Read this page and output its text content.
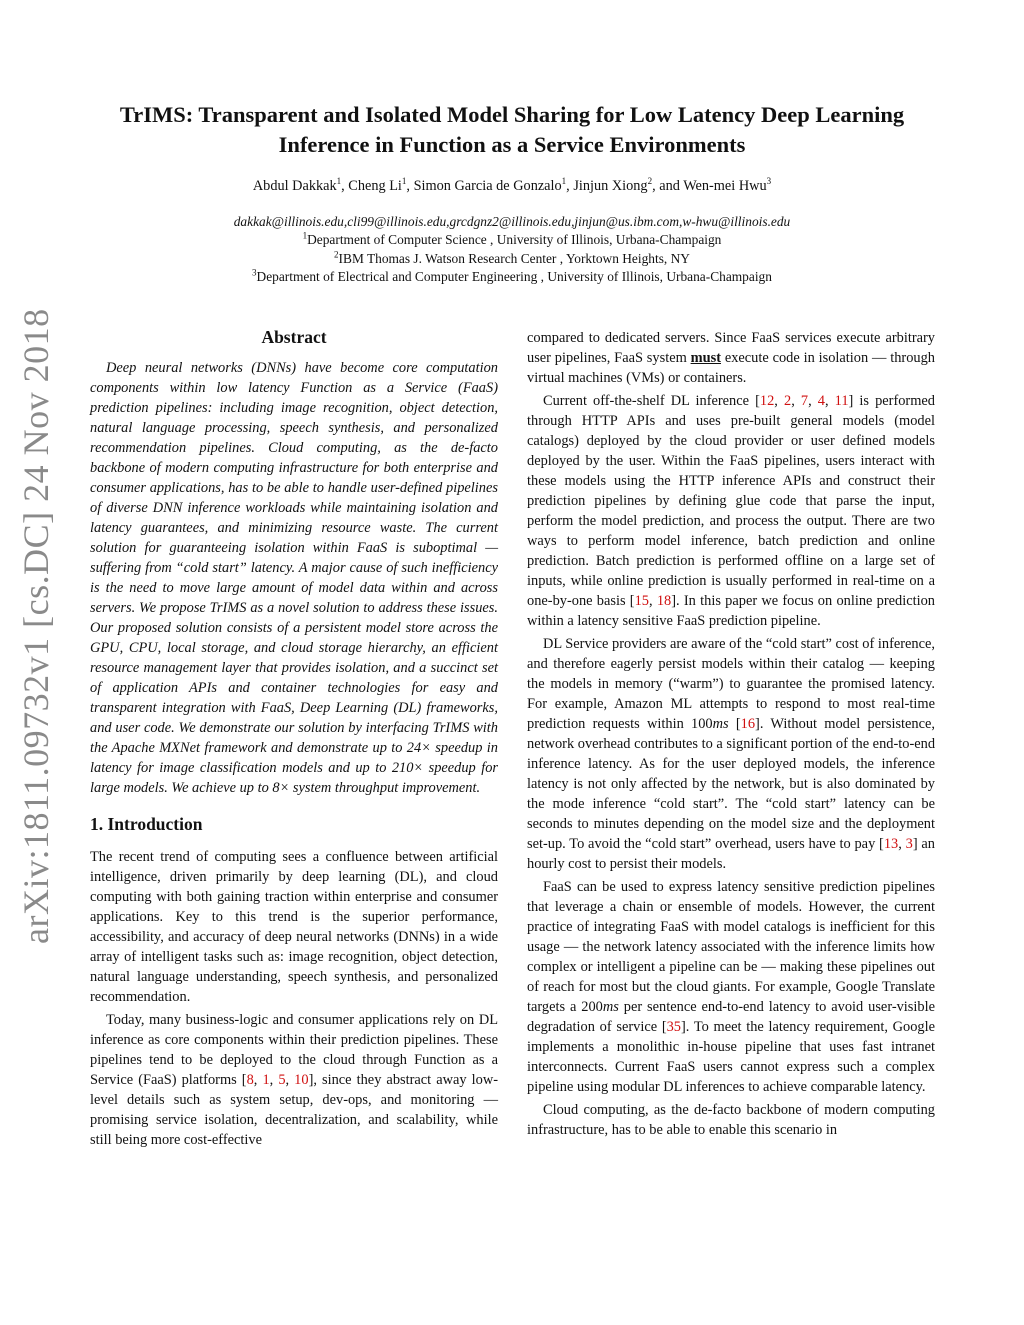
arXiv:1811.09732v1 [cs.DC] 24 Nov 2018
TrIMS: Transparent and Isolated Model Sharing for Low Latency Deep Learning
Inference in Function as a Service Environments
Abdul Dakkak$^1$, Cheng Li$^1$, Simon Garcia de Gonzalo$^1$, Jinjun Xiong$^2$, and Wen-mei Hwu$^3$
dakkak@illinois.edu,cli99@illinois.edu,grcdgnz2@illinois.edu,jinjun@us.ibm.com,w-hwu@illinois.edu
$^1$Department of Computer Science , University of Illinois, Urbana-Champaign
$^2$IBM Thomas J. Watson Research Center , Yorktown Heights, NY
$^3$Department of Electrical and Computer Engineering , University of Illinois, Urbana-Champaign
Abstract

Deep neural networks (DNNs) have become core computation components within low latency Function as a Service (FaaS) prediction pipelines: including image recognition, object detection, natural language processing, speech synthesis, and personalized recommendation pipelines. Cloud computing, as the de-facto backbone of modern computing infrastructure for both enterprise and consumer applications, has to be able to handle user-defined pipelines of diverse DNN inference workloads while maintaining isolation and latency guarantees, and minimizing resource waste. The current solution for guaranteeing isolation within FaaS is suboptimal — suffering from “cold start” latency. A major cause of such inefficiency is the need to move large amount of model data within and across servers. We propose TrIMS as a novel solution to address these issues. Our proposed solution consists of a persistent model store across the GPU, CPU, local storage, and cloud storage hierarchy, an efficient resource management layer that provides isolation, and a succinct set of application APIs and container technologies for easy and transparent integration with FaaS, Deep Learning (DL) frameworks, and user code. We demonstrate our solution by interfacing TrIMS with the Apache MXNet framework and demonstrate up to 24× speedup in latency for image classification models and up to 210× speedup for large models. We achieve up to 8× system throughput improvement.

1. Introduction

The recent trend of computing sees a confluence between artificial intelligence, driven primarily by deep learning (DL), and cloud computing with both gaining traction within enterprise and consumer applications. Key to this trend is the superior performance, accessibility, and accuracy of deep neural networks (DNNs) in a wide array of intelligent tasks such as: image recognition, object detection, natural language understanding, speech synthesis, and personalized recommendation.

Today, many business-logic and consumer applications rely on DL inference as core components within their prediction pipelines. These pipelines tend to be deployed to the cloud through Function as a Service (FaaS) platforms [8, 1, 5, 10], since they abstract away low-level details such as system setup, dev-ops, and monitoring — promising service isolation, decentralization, and scalability, while still being more cost-effective

compared to dedicated servers. Since FaaS services execute arbitrary user pipelines, FaaS system must execute code in isolation — through virtual machines (VMs) or containers.

Current off-the-shelf DL inference [12, 2, 7, 4, 11] is performed through HTTP APIs and uses pre-built general models (model catalogs) deployed by the cloud provider or user defined models deployed by the user. Within the FaaS pipelines, users interact with these models using the HTTP inference APIs and construct their prediction pipelines by defining glue code that parse the input, perform the model prediction, and process the output. There are two ways to perform model inference, batch prediction and online prediction. Batch prediction is performed offline on a large set of inputs, while online prediction is usually performed in real-time on a one-by-one basis [15, 18]. In this paper we focus on online prediction within a latency sensitive FaaS prediction pipeline.

DL Service providers are aware of the “cold start” cost of inference, and therefore eagerly persist models within their catalog — keeping the models in memory (“warm”) to guarantee the promised latency. For example, Amazon ML attempts to respond to most real-time prediction requests within 100ms [16]. Without model persistence, network overhead contributes to a significant portion of the end-to-end inference latency. As for the user deployed models, the inference latency is not only affected by the network, but is also dominated by the mode inference “cold start”. The “cold start” latency can be seconds to minutes depending on the model size and the deployment set-up. To avoid the “cold start” overhead, users have to pay [13, 3] an hourly cost to persist their models.

FaaS can be used to express latency sensitive prediction pipelines that leverage a chain or ensemble of models. However, the current practice of integrating FaaS with model catalogs is inefficient for this usage — the network latency associated with the inference limits how complex or intelligent a pipeline can be — making these pipelines out of reach for most but the cloud giants. For example, Google Translate targets a 200ms per sentence end-to-end latency to avoid user-visible degradation of service [35]. To meet the latency requirement, Google implements a monolithic in-house pipeline that uses fast intranet interconnects. Current FaaS users cannot express such a complex pipeline using modular DL inferences to achieve comparable latency.

Cloud computing, as the de-facto backbone of modern computing infrastructure, has to be able to enable this scenario in
